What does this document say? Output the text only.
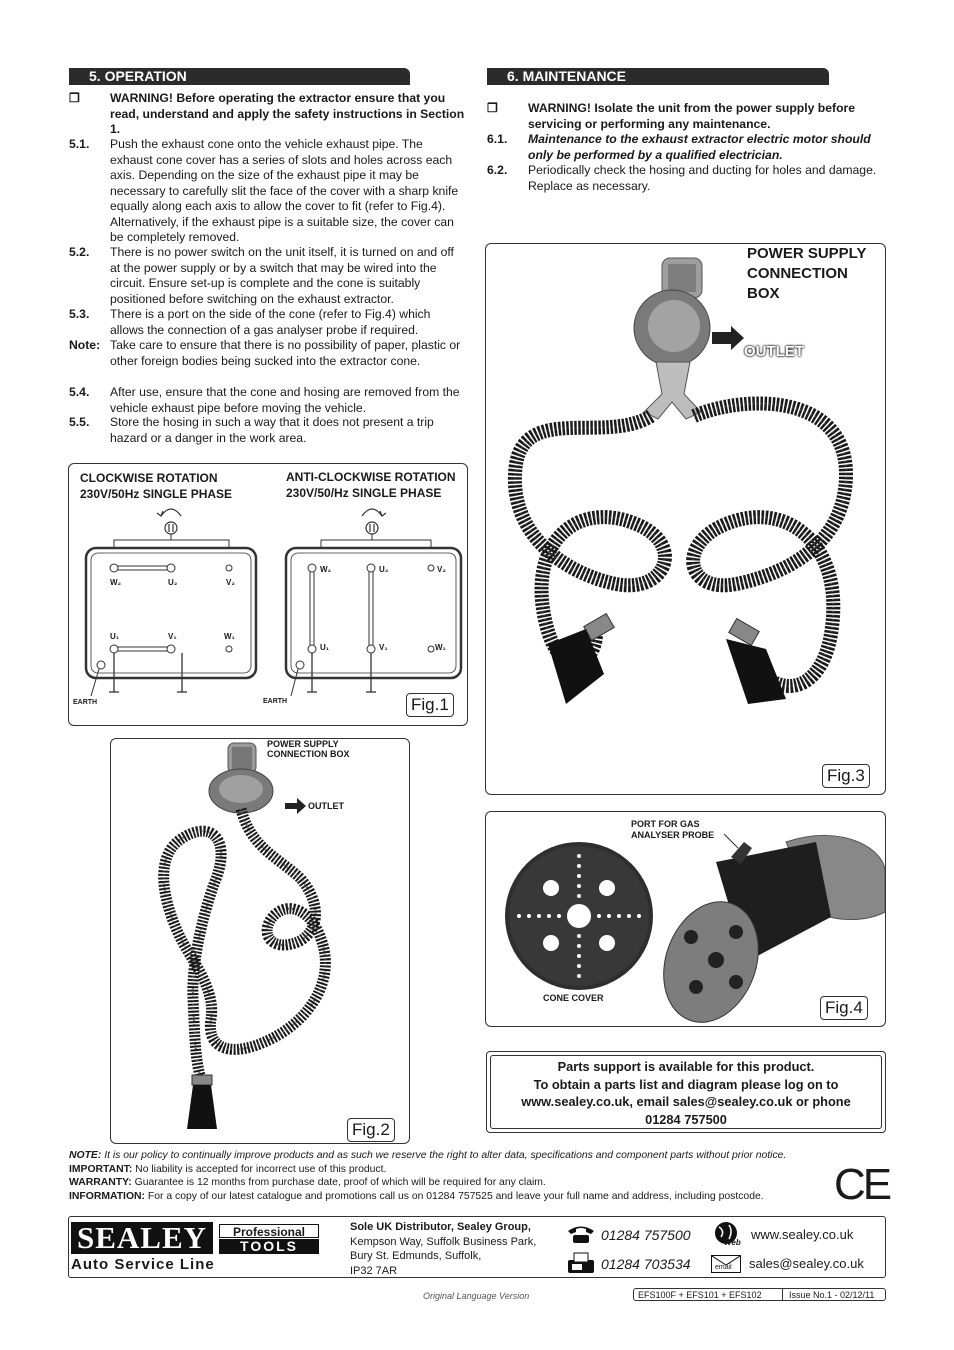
5. OPERATION
❐ WARNING! Before operating the extractor ensure that you read, understand and apply the safety instructions in Section 1.
5.1. Push the exhaust cone onto the vehicle exhaust pipe. The exhaust cone cover has a series of slots and holes across each axis. Depending on the size of the exhaust pipe it may be necessary to carefully slit the face of the cover with a sharp knife equally along each axis to allow the cover to fit (refer to Fig.4). Alternatively, if the exhaust pipe is a suitable size, the cover can be completely removed.
5.2. There is no power switch on the unit itself, it is turned on and off at the power supply or by a switch that may be wired into the circuit. Ensure set-up is complete and the cone is suitably positioned before switching on the exhaust extractor.
5.3. There is a port on the side of the cone (refer to Fig.4) which allows the connection of a gas analyser probe if required.
Note: Take care to ensure that there is no possibility of paper, plastic or other foreign bodies being sucked into the extractor cone.
5.4. After use, ensure that the cone and hosing are removed from the vehicle exhaust pipe before moving the vehicle.
5.5. Store the hosing in such a way that it does not present a trip hazard or a danger in the work area.
6. MAINTENANCE
❐ WARNING! Isolate the unit from the power supply before servicing or performing any maintenance.
6.1. Maintenance to the exhaust extractor electric motor should only be performed by a qualified electrician.
6.2. Periodically check the hosing and ducting for holes and damage. Replace as necessary.
CLOCKWISE ROTATION
230V/50Hz SINGLE PHASE
ANTI-CLOCKWISE ROTATION
230V/50/Hz SINGLE PHASE
W₂	U₂	V₂
U₁	V₁	W₁
W₂	U₂	V₂
U₁	V₁	W₁
EARTH	EARTH	Fig.1
POWER SUPPLY
CONNECTION BOX
OUTLET
Fig.2
POWER SUPPLY
CONNECTION
BOX
OUTLET
Fig.3
PORT FOR GAS
ANALYSER PROBE
CONE COVER	Fig.4
Parts support is available for this product.
To obtain a parts list and diagram please log on to
www.sealey.co.uk, email sales@sealey.co.uk or phone
01284 757500
NOTE: It is our policy to continually improve products and as such we reserve the right to alter data, specifications and component parts without prior notice.
IMPORTANT: No liability is accepted for incorrect use of this product.
WARRANTY: Guarantee is 12 months from purchase date, proof of which will be required for any claim.
INFORMATION: For a copy of our latest catalogue and promotions call us on 01284 757525 and leave your full name and address, including postcode. CE
SEALEY	Professional
TOOLS
Auto Service Line
Sole UK Distributor, Sealey Group,
Kempson Way, Suffolk Business Park,
Bury St. Edmunds, Suffolk,
IP32 7AR
01284 757500
01284 703534
Web
www.sealey.co.uk
email sales@sealey.co.uk
Original Language Version	EFS100F + EFS101 + EFS102	Issue No.1 - 02/12/11
